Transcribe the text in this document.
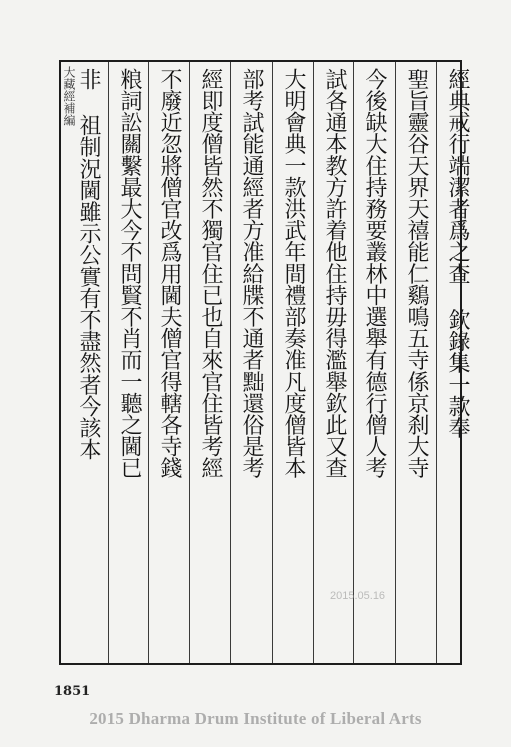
大藏經補編	經典戒行端潔者爲之查 欽錄集一款奉
聖旨靈谷天界天禧能仁鷄鳴五寺係京刹大寺
今後缺大住持務要叢林中選舉有德行僧人考
試各通本教方許着他住持毋得濫舉欽此又查
大明會典一款洪武年間禮部奏准凡度僧皆本
部考試能通經者方准給牒不通者黜還俗是考
經即度僧皆然不獨官住已也自來官住皆考經
不廢近忽將僧官改爲用閫夫僧官得轄各寺錢
粮詞訟關繫最大今不問賢不肖而一聽之閫已
非 祖制況閫雖示公實有不盡然者今該本
2015.05.16
1851
2015 Dharma Drum Institute of Liberal Arts
